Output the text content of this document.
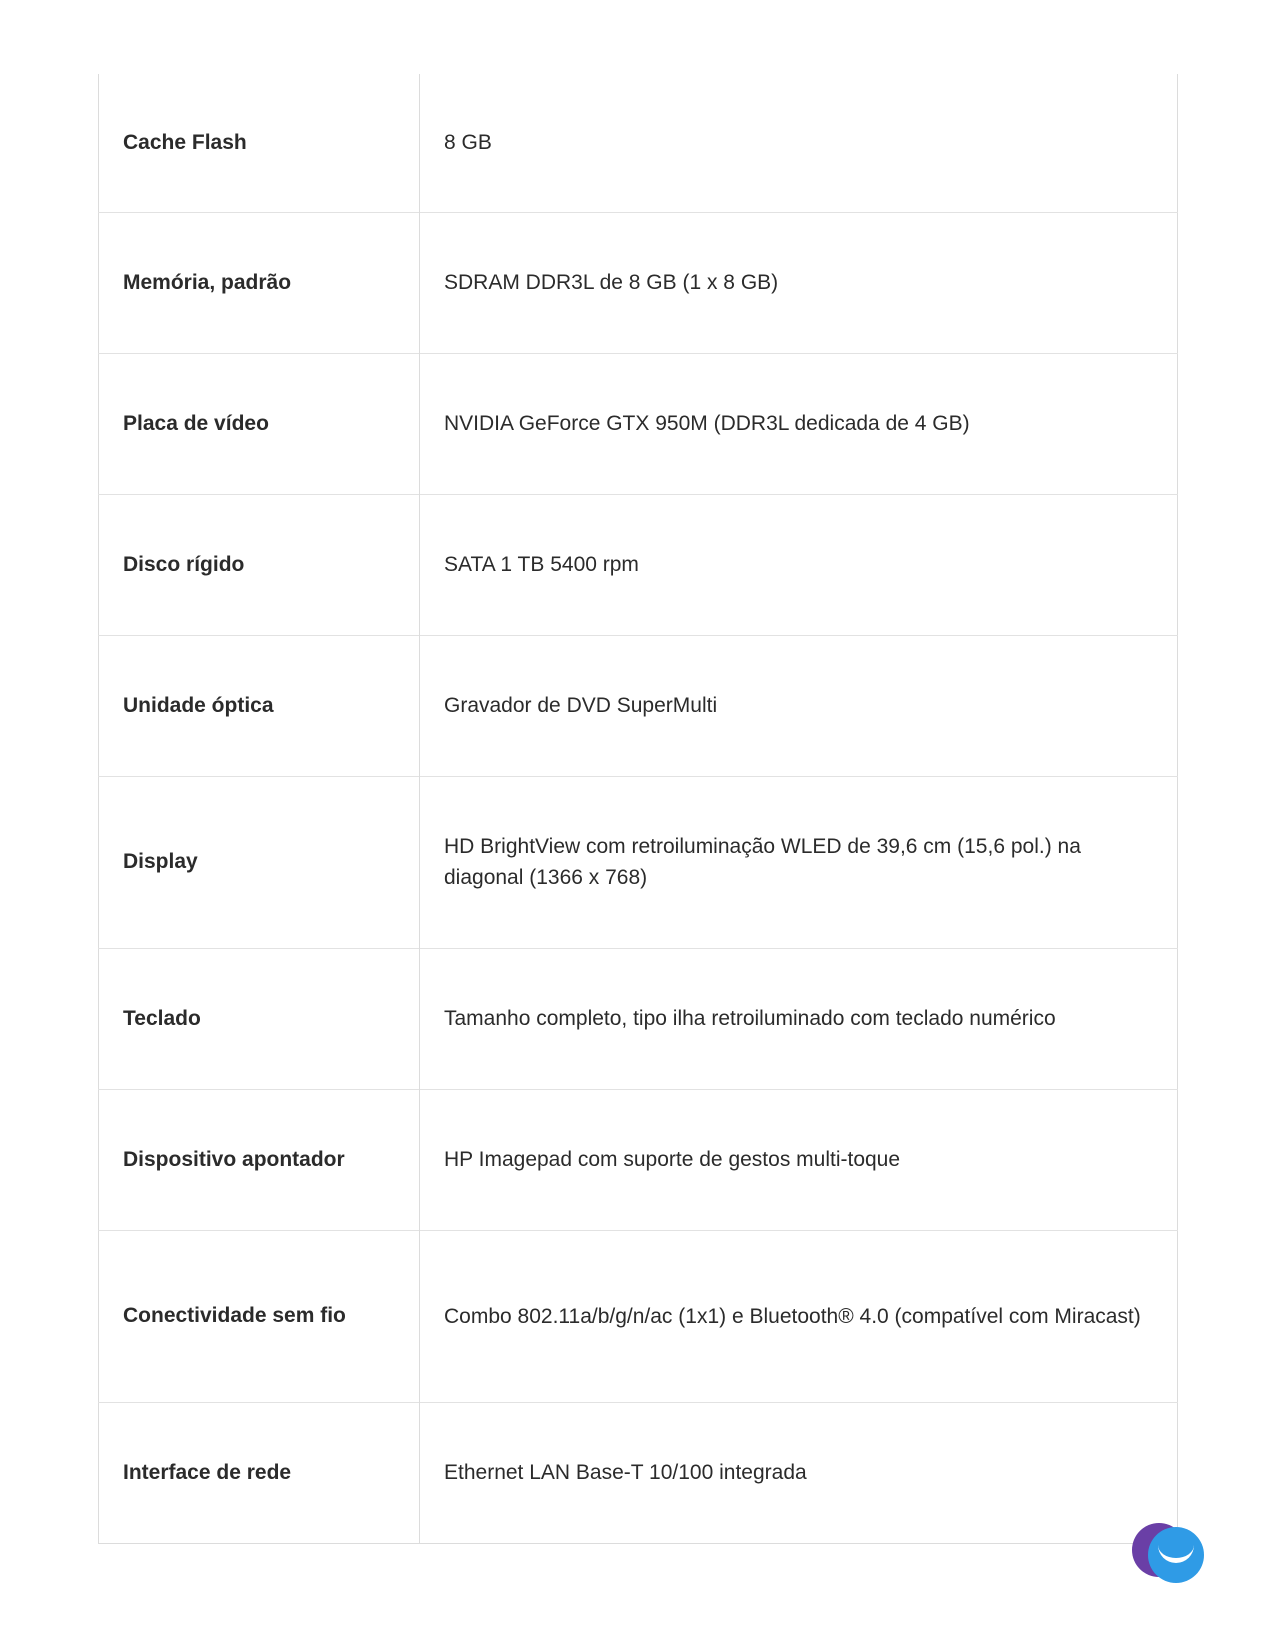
Cache Flash	8 GB
Memória, padrão	SDRAM DDR3L de 8 GB (1 x 8 GB)
Placa de vídeo	NVIDIA GeForce GTX 950M (DDR3L dedicada de 4 GB)
Disco rígido	SATA 1 TB 5400 rpm
Unidade óptica	Gravador de DVD SuperMulti
Display	HD BrightView com retroiluminação WLED de 39,6 cm (15,6 pol.) na diagonal (1366 x 768)
Teclado	Tamanho completo, tipo ilha retroiluminado com teclado numérico
Dispositivo apontador	HP Imagepad com suporte de gestos multi-toque
Conectividade sem fio	Combo 802.11a/b/g/n/ac (1x1) e Bluetooth® 4.0 (compatível com Miracast)
Interface de rede	Ethernet LAN Base-T 10/100 integrada
